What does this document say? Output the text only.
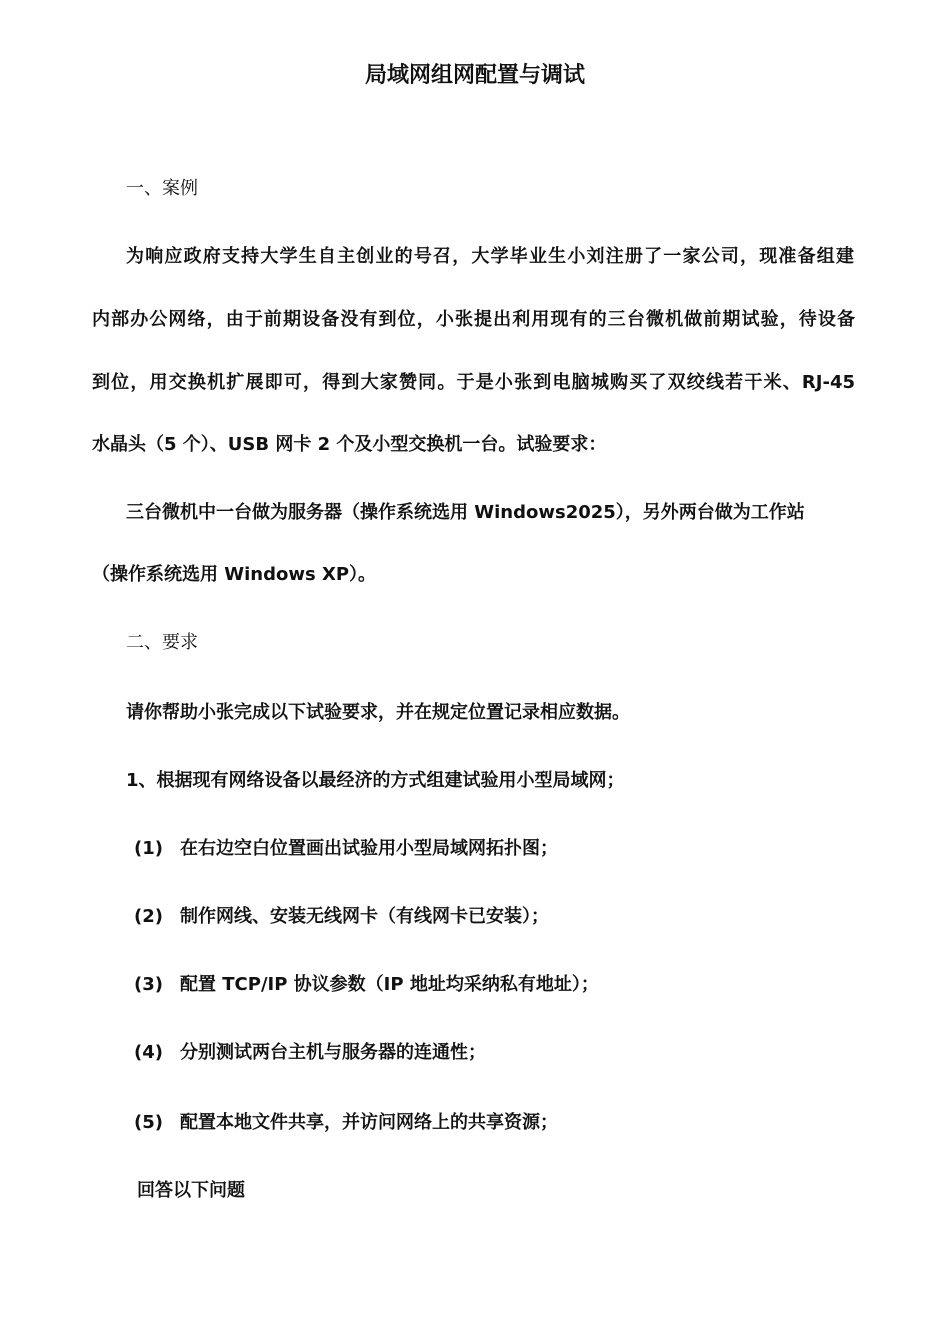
局域网组网配置与调试
一、案例
为响应政府支持大学生自主创业的号召，大学毕业生小刘注册了一家公司，现准备组建
内部办公网络，由于前期设备没有到位，小张提出利用现有的三台微机做前期试验，待设备
到位，用交换机扩展即可，得到大家赞同。于是小张到电脑城购买了双绞线若干米、RJ-45
水晶头（5 个）、USB 网卡 2 个及小型交换机一台。试验要求：
三台微机中一台做为服务器（操作系统选用 Windows2025），另外两台做为工作站
（操作系统选用 Windows XP）。
二、要求
请你帮助小张完成以下试验要求，并在规定位置记录相应数据。
1、根据现有网络设备以最经济的方式组建试验用小型局域网；
(1) 在右边空白位置画出试验用小型局域网拓扑图；
(2) 制作网线、安装无线网卡（有线网卡已安装）；
(3) 配置 TCP/IP 协议参数（IP 地址均采纳私有地址）；
(4) 分别测试两台主机与服务器的连通性；
(5) 配置本地文件共享，并访问网络上的共享资源；
回答以下问题
